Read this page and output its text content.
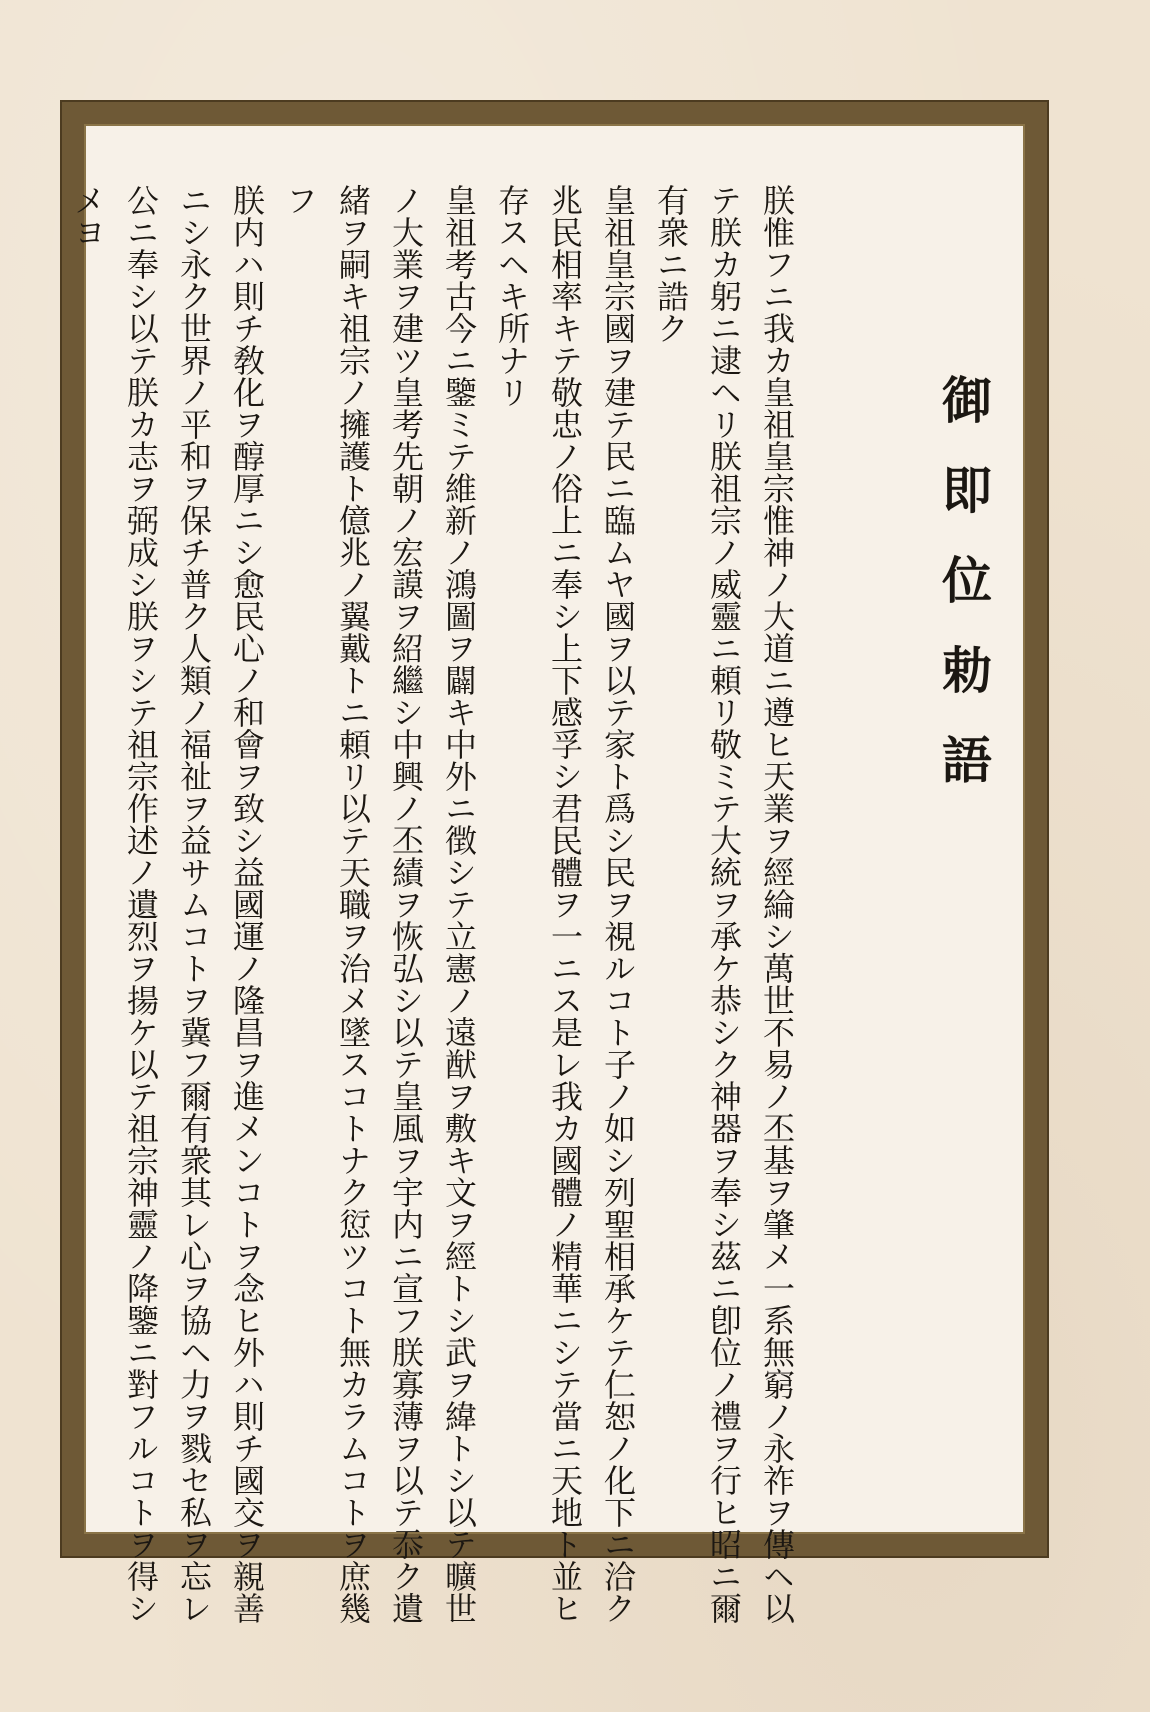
御即位勅語
朕惟フニ我カ皇祖皇宗惟神ノ大道ニ遵ヒ天業ヲ經綸シ萬世不易ノ丕基ヲ肇メ一系無窮ノ永祚ヲ傳ヘ以
テ朕カ躬ニ逮ヘリ朕祖宗ノ威靈ニ頼リ敬ミテ大統ヲ承ケ恭シク神器ヲ奉シ茲ニ卽位ノ禮ヲ行ヒ昭ニ爾
有衆ニ誥ク
皇祖皇宗國ヲ建テ民ニ臨ムヤ國ヲ以テ家ト爲シ民ヲ視ルコト子ノ如シ列聖相承ケテ仁恕ノ化下ニ洽ク
兆民相率キテ敬忠ノ俗上ニ奉シ上下感孚シ君民體ヲ一ニス是レ我カ國體ノ精華ニシテ當ニ天地ト並ヒ
存スヘキ所ナリ
皇祖考古今ニ鑒ミテ維新ノ鴻圖ヲ闢キ中外ニ徴シテ立憲ノ遠猷ヲ敷キ文ヲ經トシ武ヲ緯トシ以テ曠世
ノ大業ヲ建ツ皇考先朝ノ宏謨ヲ紹繼シ中興ノ丕績ヲ恢弘シ以テ皇風ヲ宇内ニ宣フ朕寡薄ヲ以テ忝ク遺
緒ヲ嗣キ祖宗ノ擁護ト億兆ノ翼戴トニ頼リ以テ天職ヲ治メ墜スコトナク愆ツコト無カラムコトヲ庶幾
フ
朕内ハ則チ敎化ヲ醇厚ニシ愈民心ノ和會ヲ致シ益國運ノ隆昌ヲ進メンコトヲ念ヒ外ハ則チ國交ヲ親善
ニシ永ク世界ノ平和ヲ保チ普ク人類ノ福祉ヲ益サムコトヲ冀フ爾有衆其レ心ヲ協ヘ力ヲ戮セ私ヲ忘レ
公ニ奉シ以テ朕カ志ヲ弼成シ朕ヲシテ祖宗作述ノ遺烈ヲ揚ケ以テ祖宗神靈ノ降鑒ニ對フルコトヲ得シ
メヨ
